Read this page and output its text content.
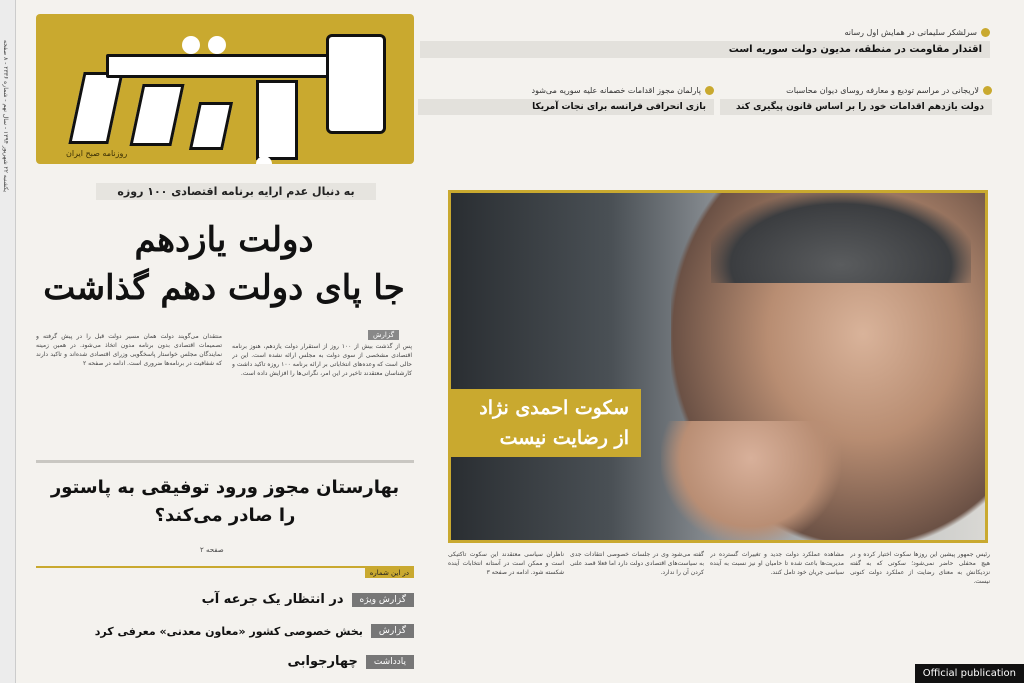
یکشنبه ۲۲ شهریور ۱۳۹۴ - سال نهم - شماره ۲۳۳۶ - ۸ صفحه
روزنامه صبح ایران
سرلشکر سلیمانی در همایش اول رسانه
اقتدار مقاومت در منطقه، مدیون دولت سوریه است
لاریجانی در مراسم تودیع و معارفه روسای دیوان محاسبات
دولت یازدهم اقدامات خود را بر اساس قانون پیگیری کند
پارلمان مجوز اقدامات خصمانه علیه سوریه می‌شود
بازی انحرافی فرانسه برای نجات آمریکا
به دنبال عدم ارایه برنامه اقتصادی ۱۰۰ روزه
دولت یازدهم
جا پای دولت دهم گذاشت
گزارش
پس از گذشت بیش از ۱۰۰ روز از استقرار دولت یازدهم، هنوز برنامه اقتصادی مشخصی از سوی دولت به مجلس ارائه نشده است. این در حالی است که وعده‌های انتخاباتی بر ارائه برنامه ۱۰۰ روزه تاکید داشت و کارشناسان معتقدند تاخیر در این امر، نگرانی‌ها را افزایش داده است.
منتقدان می‌گویند دولت همان مسیر دولت قبل را در پیش گرفته و تصمیمات اقتصادی بدون برنامه مدون اتخاذ می‌شود. در همین زمینه نمایندگان مجلس خواستار پاسخگویی وزرای اقتصادی شده‌اند و تاکید دارند که شفافیت در برنامه‌ها ضروری است. ادامه در صفحه ۲
بهارستان مجوز ورود توفیقی به پاستور را صادر می‌کند؟
صفحه ۲
در این شماره
گزارش ویژه
در انتظار یک جرعه آب
گزارش
بخش خصوصی کشور «معاون معدنی» معرفی کرد
یادداشت
چهارجوابی
سکوت احمدی نژاد
از رضایت نیست
رئیس جمهور پیشین این روزها سکوت اختیار کرده و در هیچ محفلی حاضر نمی‌شود؛ سکوتی که به گفته نزدیکانش به معنای رضایت از عملکرد دولت کنونی نیست.
مشاهده عملکرد دولت جدید و تغییرات گسترده در مدیریت‌ها باعث شده تا حامیان او نیز نسبت به آینده سیاسی جریان خود تامل کنند.
گفته می‌شود وی در جلسات خصوصی انتقادات جدی به سیاست‌های اقتصادی دولت دارد اما فعلا قصد علنی کردن آن را ندارد.
ناظران سیاسی معتقدند این سکوت تاکتیکی است و ممکن است در آستانه انتخابات آینده شکسته شود. ادامه در صفحه ۳
Official publication
